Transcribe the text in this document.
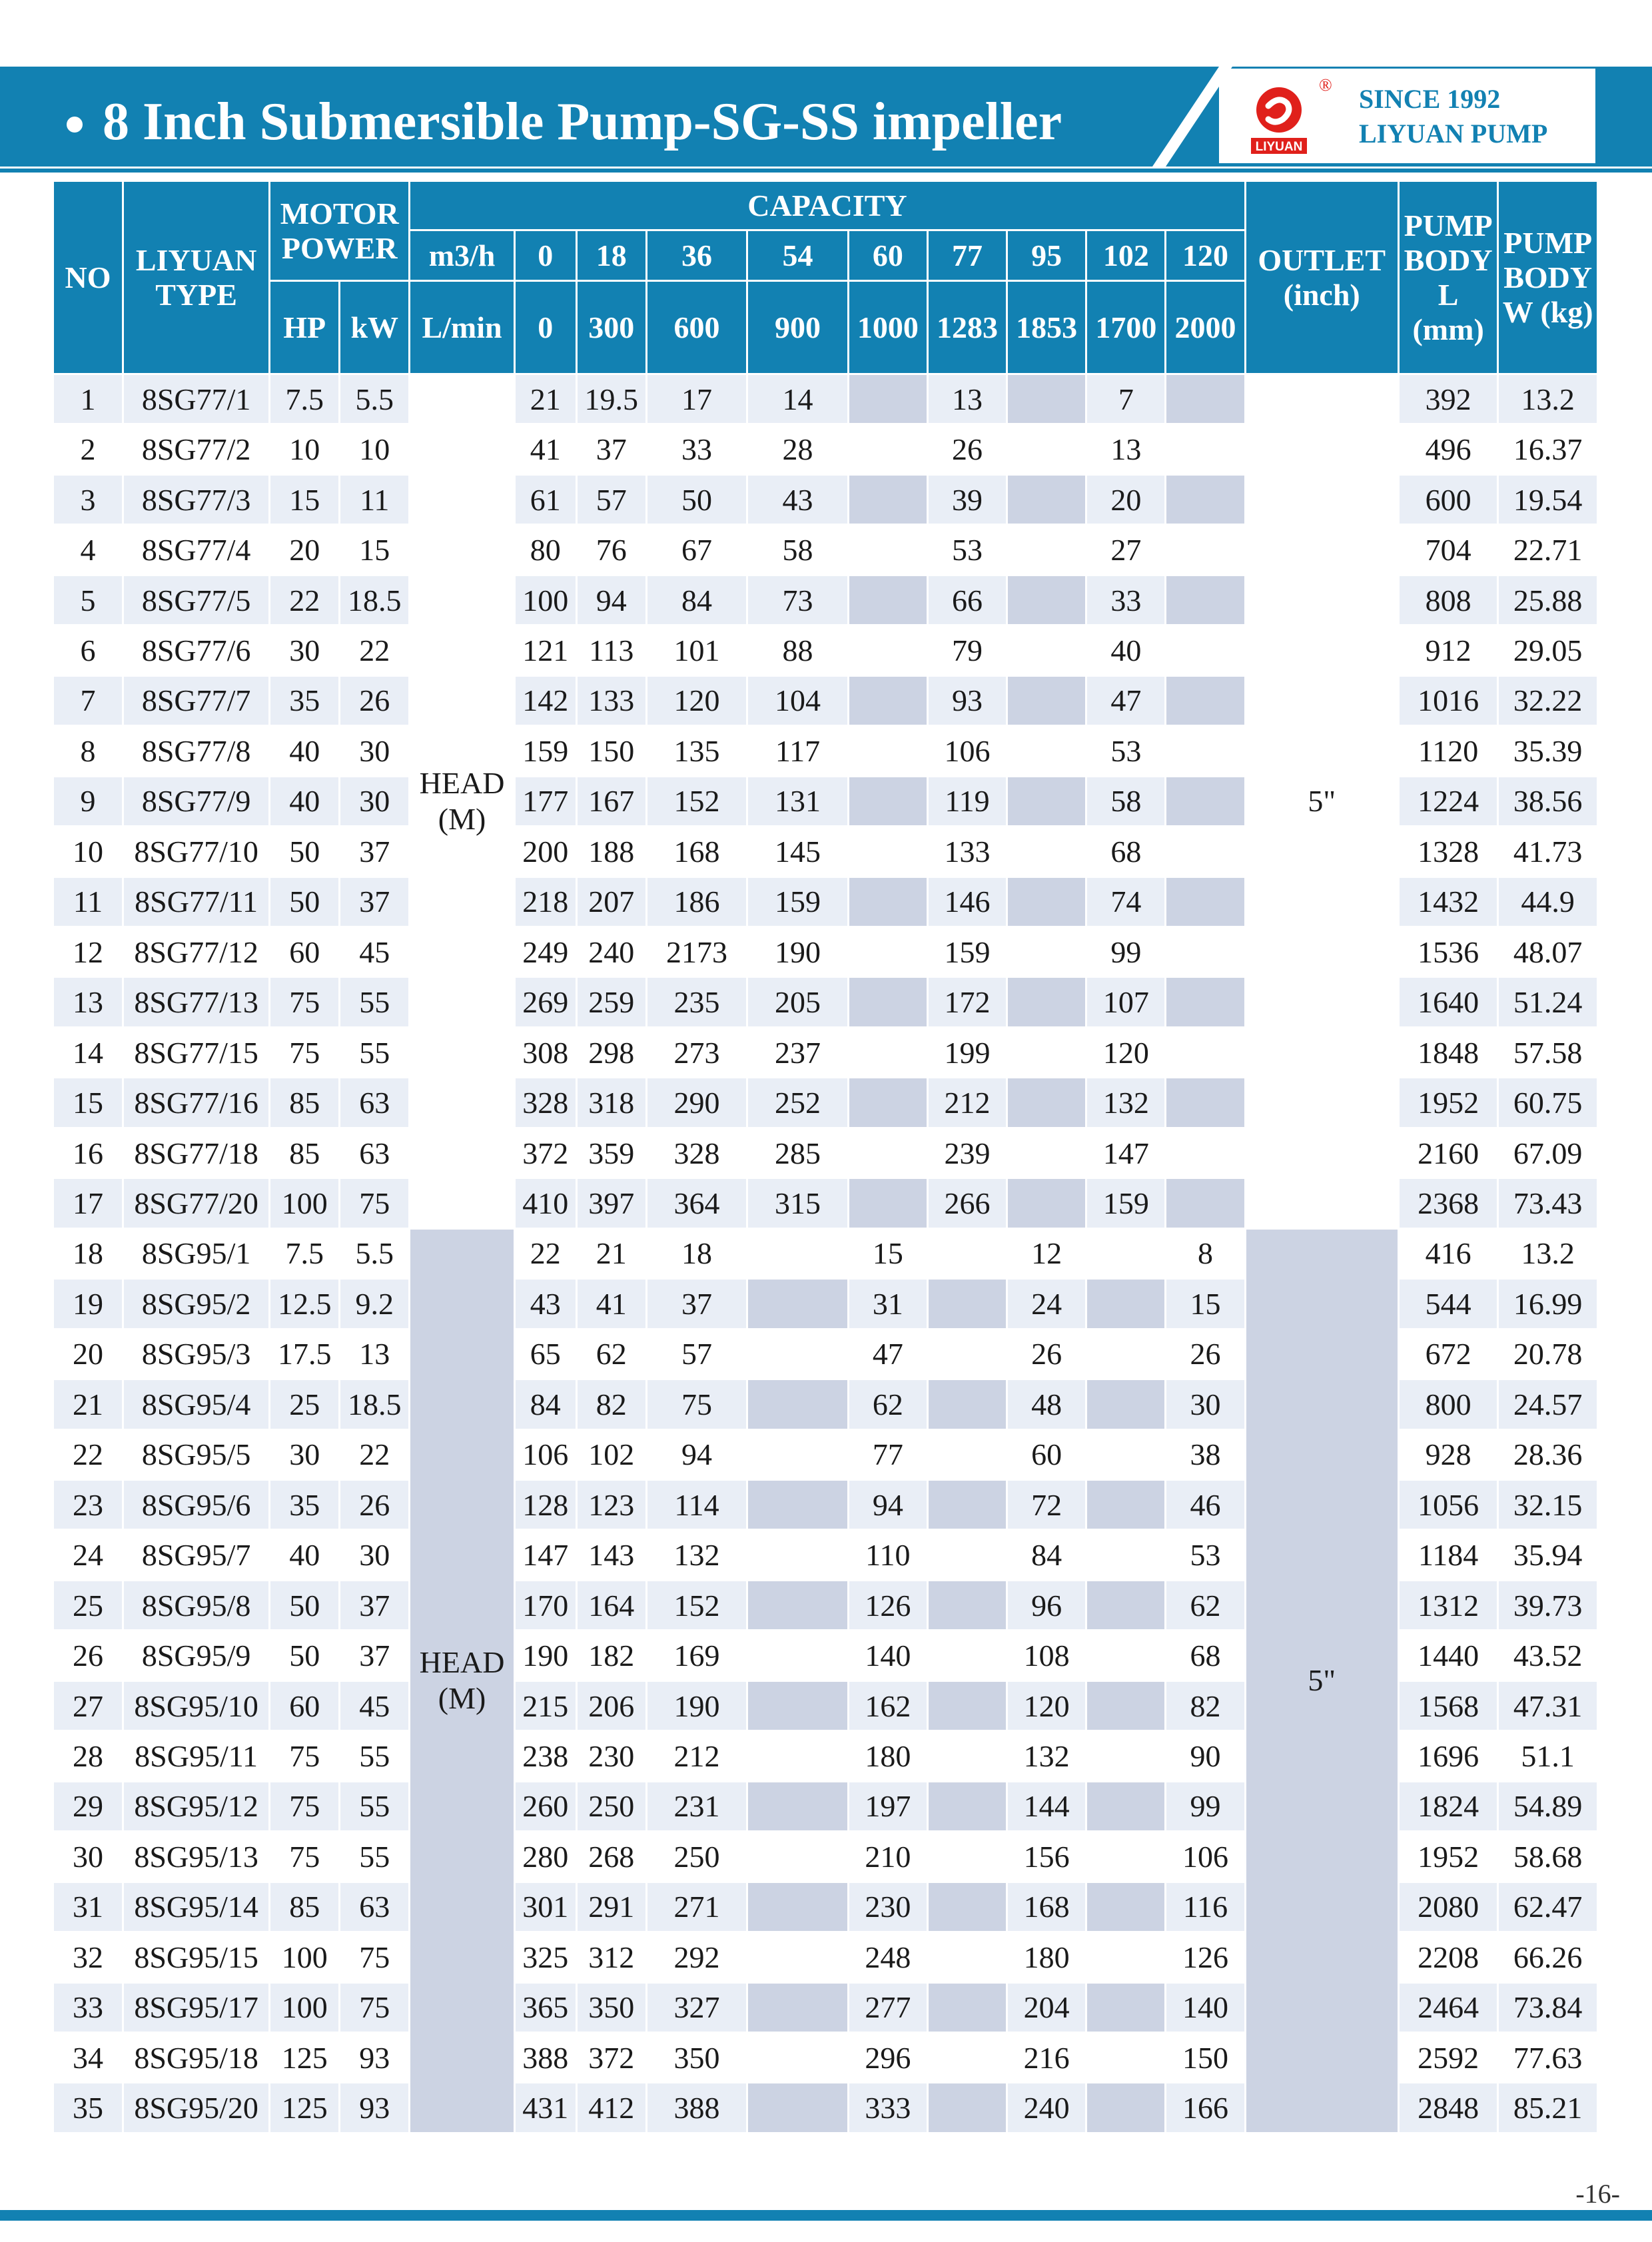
8 Inch Submersible Pump-SG-SS impeller	LIYUAN
® SINCE 1992
LIYUAN PUMP
NO	LIYUAN TYPE	MOTOR POWER		CAPACITY										OUTLET (inch)	PUMP BODY L (mm)	PUMP BODY W (kg)
				m3/h	0	18	36	54	60	77	95	102	120			
		HP	kW	L/min	0	300	600	900	1000	1283	1853	1700	2000			
1	8SG77/1	7.5	5.5	HEAD (M)	21	19.5	17	14		13		7		5"	392	13.2
2	8SG77/2	10	10		41	37	33	28		26		13			496	16.37
3	8SG77/3	15	11		61	57	50	43		39		20			600	19.54
4	8SG77/4	20	15		80	76	67	58		53		27			704	22.71
5	8SG77/5	22	18.5		100	94	84	73		66		33			808	25.88
6	8SG77/6	30	22		121	113	101	88		79		40			912	29.05
7	8SG77/7	35	26		142	133	120	104		93		47			1016	32.22
8	8SG77/8	40	30		159	150	135	117		106		53			1120	35.39
9	8SG77/9	40	30		177	167	152	131		119		58			1224	38.56
10	8SG77/10	50	37		200	188	168	145		133		68			1328	41.73
11	8SG77/11	50	37		218	207	186	159		146		74			1432	44.9
12	8SG77/12	60	45		249	240	2173	190		159		99			1536	48.07
13	8SG77/13	75	55		269	259	235	205		172		107			1640	51.24
14	8SG77/15	75	55		308	298	273	237		199		120			1848	57.58
15	8SG77/16	85	63		328	318	290	252		212		132			1952	60.75
16	8SG77/18	85	63		372	359	328	285		239		147			2160	67.09
17	8SG77/20	100	75		410	397	364	315		266		159			2368	73.43
18	8SG95/1	7.5	5.5	HEAD (M)	22	21	18		15		12		8	5"	416	13.2
19	8SG95/2	12.5	9.2		43	41	37		31		24		15		544	16.99
20	8SG95/3	17.5	13		65	62	57		47		26		26		672	20.78
21	8SG95/4	25	18.5		84	82	75		62		48		30		800	24.57
22	8SG95/5	30	22		106	102	94		77		60		38		928	28.36
23	8SG95/6	35	26		128	123	114		94		72		46		1056	32.15
24	8SG95/7	40	30		147	143	132		110		84		53		1184	35.94
25	8SG95/8	50	37		170	164	152		126		96		62		1312	39.73
26	8SG95/9	50	37		190	182	169		140		108		68		1440	43.52
27	8SG95/10	60	45		215	206	190		162		120		82		1568	47.31
28	8SG95/11	75	55		238	230	212		180		132		90		1696	51.1
29	8SG95/12	75	55		260	250	231		197		144		99		1824	54.89
30	8SG95/13	75	55		280	268	250		210		156		106		1952	58.68
31	8SG95/14	85	63		301	291	271		230		168		116		2080	62.47
32	8SG95/15	100	75		325	312	292		248		180		126		2208	66.26
33	8SG95/17	100	75		365	350	327		277		204		140		2464	73.84
34	8SG95/18	125	93		388	372	350		296		216		150		2592	77.63
35	8SG95/20	125	93		431	412	388		333		240		166		2848	85.21
-16-
